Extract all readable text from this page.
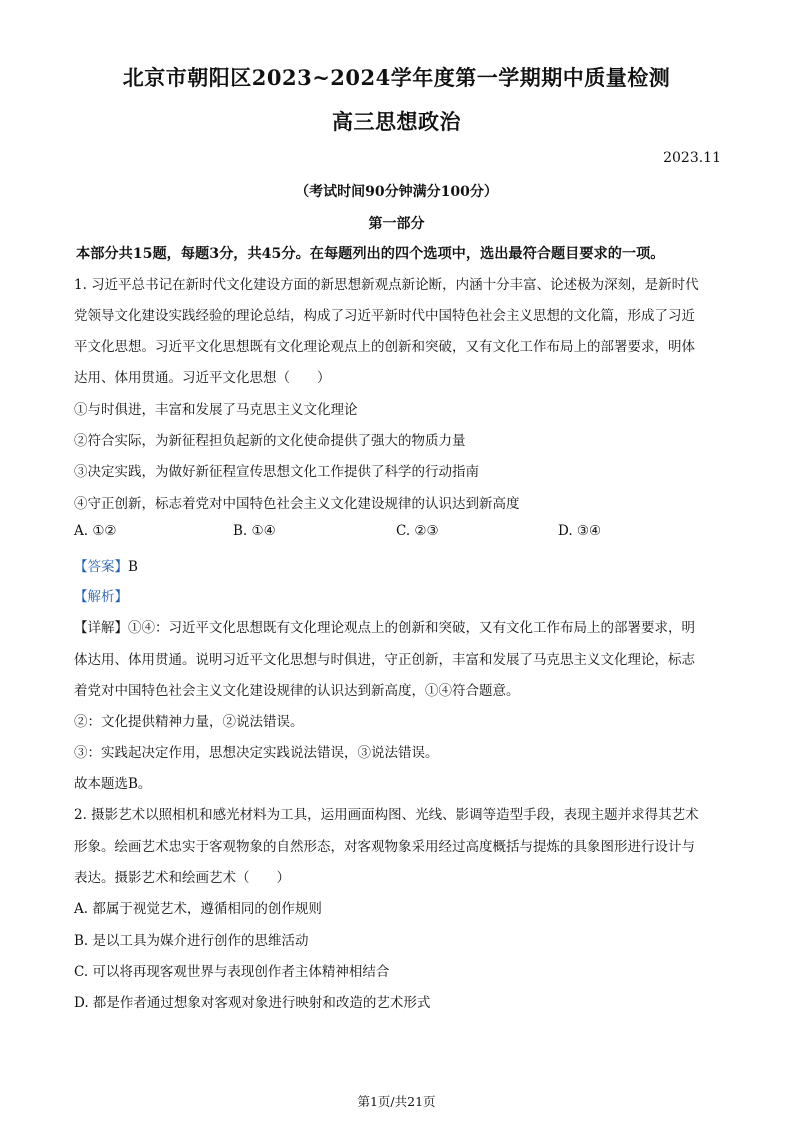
北京市朝阳区2023~2024学年度第一学期期中质量检测
高三思想政治
2023.11
（考试时间90分钟满分100分）
第一部分
本部分共15题，每题3分，共45分。在每题列出的四个选项中，选出最符合题目要求的一项。
1. 习近平总书记在新时代文化建设方面的新思想新观点新论断，内涵十分丰富、论述极为深刻，是新时代
党领导文化建设实践经验的理论总结，构成了习近平新时代中国特色社会主义思想的文化篇，形成了习近
平文化思想。习近平文化思想既有文化理论观点上的创新和突破，又有文化工作布局上的部署要求，明体
达用、体用贯通。习近平文化思想（　　）
①与时俱进，丰富和发展了马克思主义文化理论
②符合实际，为新征程担负起新的文化使命提供了强大的物质力量
③决定实践，为做好新征程宣传思想文化工作提供了科学的行动指南
④守正创新，标志着党对中国特色社会主义文化建设规律的认识达到新高度
A. ①②	B. ①④	C. ②③	D. ③④
【答案】B
【解析】
【详解】①④：习近平文化思想既有文化理论观点上的创新和突破，又有文化工作布局上的部署要求，明
体达用、体用贯通。说明习近平文化思想与时俱进，守正创新，丰富和发展了马克思主义文化理论，标志
着党对中国特色社会主义文化建设规律的认识达到新高度，①④符合题意。
②：文化提供精神力量，②说法错误。
③：实践起决定作用，思想决定实践说法错误，③说法错误。
故本题选B。
2. 摄影艺术以照相机和感光材料为工具，运用画面构图、光线、影调等造型手段，表现主题并求得其艺术
形象。绘画艺术忠实于客观物象的自然形态，对客观物象采用经过高度概括与提炼的具象图形进行设计与
表达。摄影艺术和绘画艺术（　　）
A. 都属于视觉艺术，遵循相同的创作规则
B. 是以工具为媒介进行创作的思维活动
C. 可以将再现客观世界与表现创作者主体精神相结合
D. 都是作者通过想象对客观对象进行映射和改造的艺术形式
第1页/共21页
